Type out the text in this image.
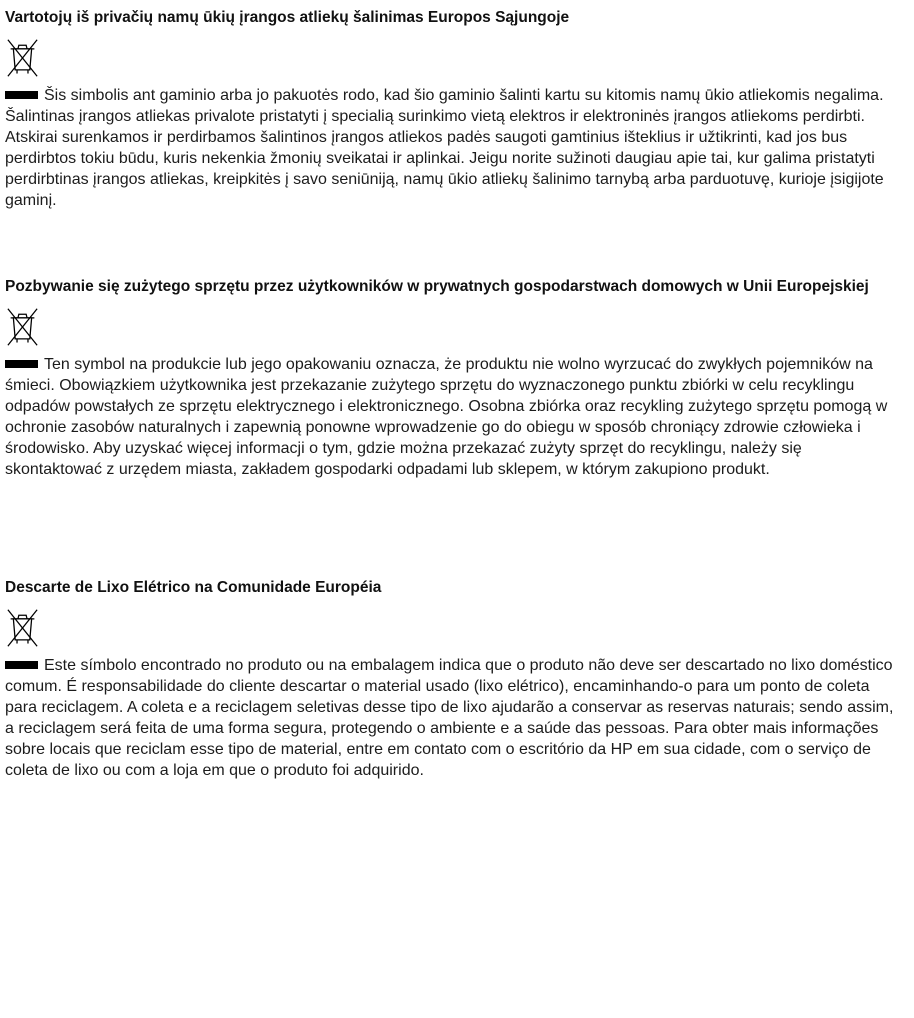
Vartotojų iš privačių namų ūkių įrangos atliekų šalinimas Europos Sąjungoje

Šis simbolis ant gaminio arba jo pakuotės rodo, kad šio gaminio šalinti kartu su kitomis namų ūkio atliekomis negalima. Šalintinas įrangos atliekas privalote pristatyti į specialią surinkimo vietą elektros ir elektroninės įrangos atliekoms perdirbti. Atskirai surenkamos ir perdirbamos šalintinos įrangos atliekos padės saugoti gamtinius išteklius ir užtikrinti, kad jos bus perdirbtos tokiu būdu, kuris nekenkia žmonių sveikatai ir aplinkai. Jeigu norite sužinoti daugiau apie tai, kur galima pristatyti perdirbtinas įrangos atliekas, kreipkitės į savo seniūniją, namų ūkio atliekų šalinimo tarnybą arba parduotuvę, kurioje įsigijote gaminį.

Pozbywanie się zużytego sprzętu przez użytkowników w prywatnych gospodarstwach domowych w Unii Europejskiej

Ten symbol na produkcie lub jego opakowaniu oznacza, że produktu nie wolno wyrzucać do zwykłych pojemników na śmieci. Obowiązkiem użytkownika jest przekazanie zużytego sprzętu do wyznaczonego punktu zbiórki w celu recyklingu odpadów powstałych ze sprzętu elektrycznego i elektronicznego. Osobna zbiórka oraz recykling zużytego sprzętu pomogą w ochronie zasobów naturalnych i zapewnią ponowne wprowadzenie go do obiegu w sposób chroniący zdrowie człowieka i środowisko. Aby uzyskać więcej informacji o tym, gdzie można przekazać zużyty sprzęt do recyklingu, należy się skontaktować z urzędem miasta, zakładem gospodarki odpadami lub sklepem, w którym zakupiono produkt.

Descarte de Lixo Elétrico na Comunidade Européia

Este símbolo encontrado no produto ou na embalagem indica que o produto não deve ser descartado no lixo doméstico comum. É responsabilidade do cliente descartar o material usado (lixo elétrico), encaminhando-o para um ponto de coleta para reciclagem. A coleta e a reciclagem seletivas desse tipo de lixo ajudarão a conservar as reservas naturais; sendo assim, a reciclagem será feita de uma forma segura, protegendo o ambiente e a saúde das pessoas. Para obter mais informações sobre locais que reciclam esse tipo de material, entre em contato com o escritório da HP em sua cidade, com o serviço de coleta de lixo ou com a loja em que o produto foi adquirido.
